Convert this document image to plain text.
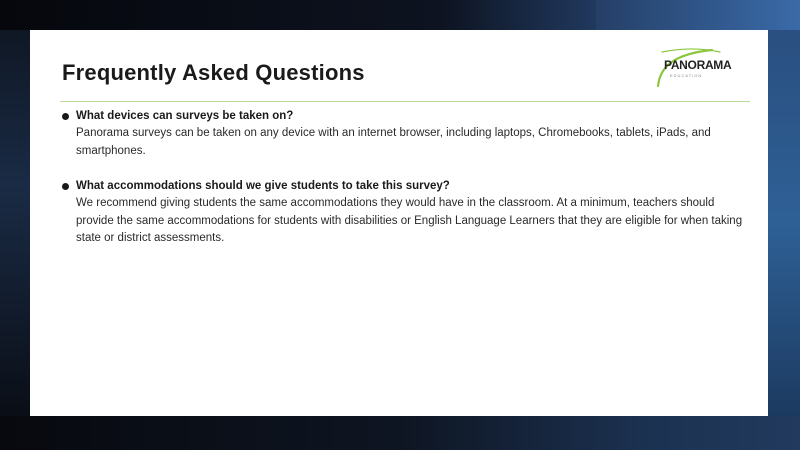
Frequently Asked Questions	PANORAMA
EDUCATION
What devices can surveys be taken on?
Panorama surveys can be taken on any device with an internet browser, including laptops, Chromebooks, tablets, iPads, and smartphones.
What accommodations should we give students to take this survey?
We recommend giving students the same accommodations they would have in the classroom. At a minimum, teachers should provide the same accommodations for students with disabilities or English Language Learners that they are eligible for when taking state or district assessments.
